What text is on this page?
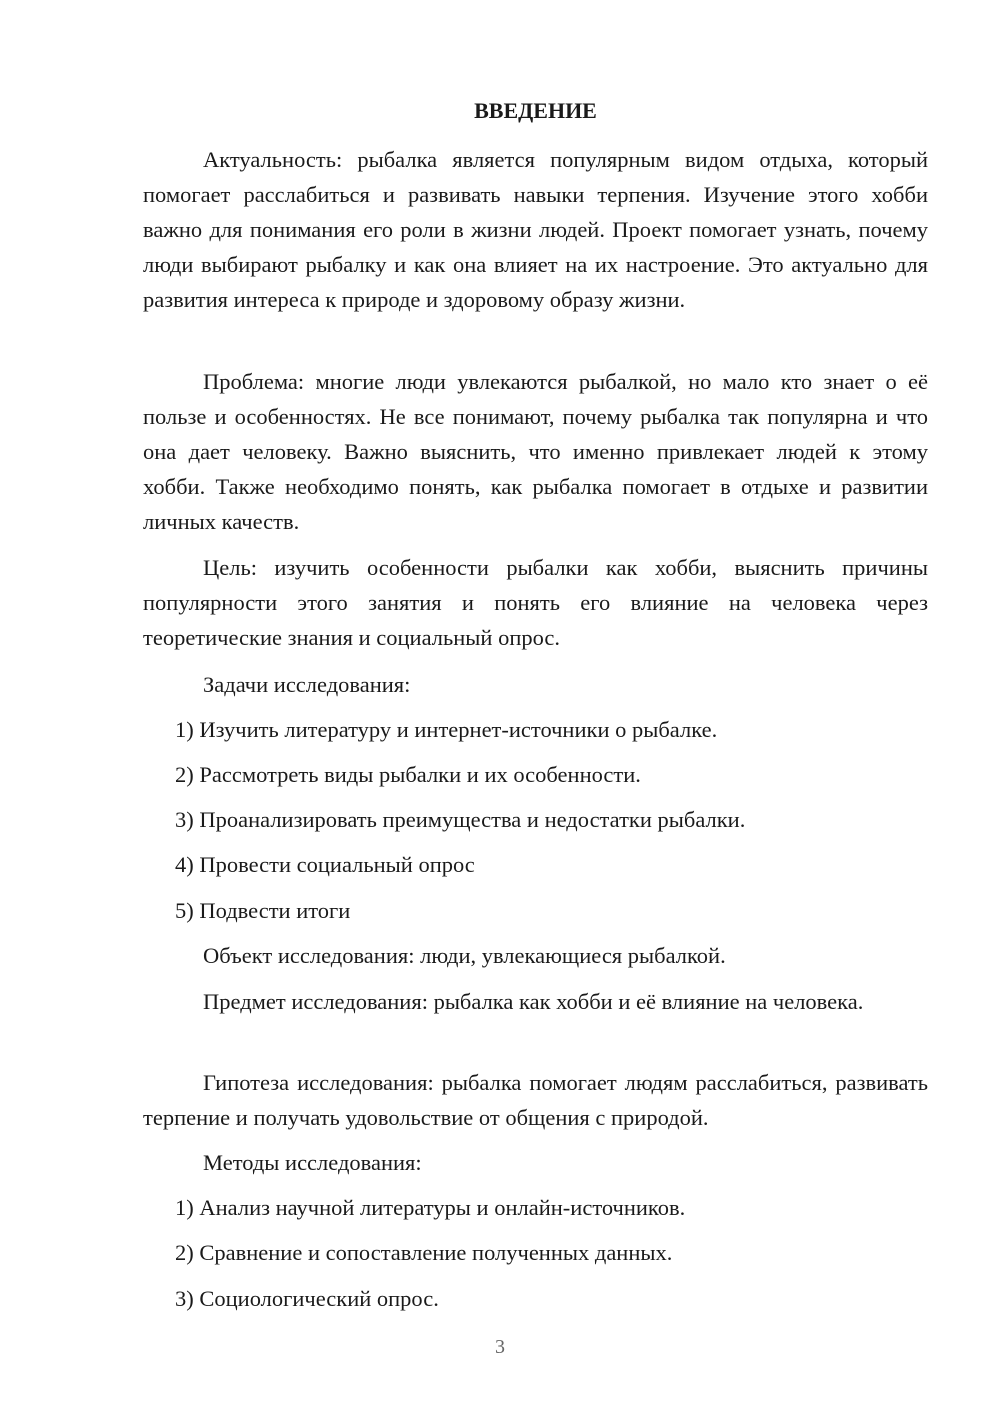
ВВЕДЕНИЕ

Актуальность: рыбалка является популярным видом отдыха, который помогает расслабиться и развивать навыки терпения. Изучение этого хобби важно для понимания его роли в жизни людей. Проект помогает узнать, почему люди выбирают рыбалку и как она влияет на их настроение. Это актуально для развития интереса к природе и здоровому образу жизни.

Проблема: многие люди увлекаются рыбалкой, но мало кто знает о её пользе и особенностях. Не все понимают, почему рыбалка так популярна и что она дает человеку. Важно выяснить, что именно привлекает людей к этому хобби. Также необходимо понять, как рыбалка помогает в отдыхе и развитии личных качеств.

Цель: изучить особенности рыбалки как хобби, выяснить причины популярности этого занятия и понять его влияние на человека через теоретические знания и социальный опрос.

Задачи исследования:

1) Изучить литературу и интернет-источники о рыбалке.

2) Рассмотреть виды рыбалки и их особенности.

3) Проанализировать преимущества и недостатки рыбалки.

4) Провести социальный опрос

5) Подвести итоги

Объект исследования: люди, увлекающиеся рыбалкой.

Предмет исследования: рыбалка как хобби и её влияние на человека.

Гипотеза исследования: рыбалка помогает людям расслабиться, развивать терпение и получать удовольствие от общения с природой.

Методы исследования:

1) Анализ научной литературы и онлайн-источников.

2) Сравнение и сопоставление полученных данных.

3) Социологический опрос.

3
